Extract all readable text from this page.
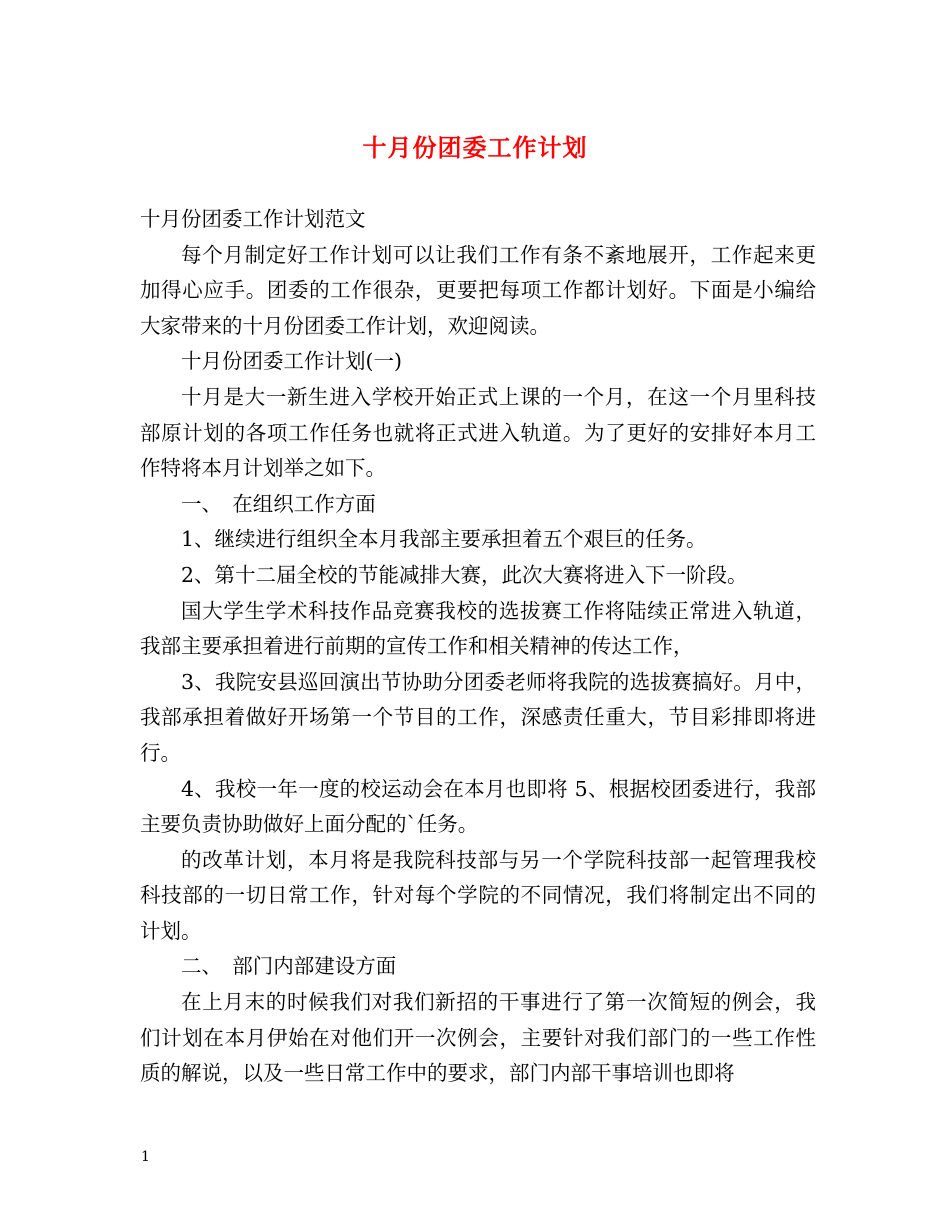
十月份团委工作计划

十月份团委工作计划范文

每个月制定好工作计划可以让我们工作有条不紊地展开，工作起来更加得心应手。团委的工作很杂，更要把每项工作都计划好。下面是小编给大家带来的十月份团委工作计划，欢迎阅读。

十月份团委工作计划(一)

十月是大一新生进入学校开始正式上课的一个月，在这一个月里科技部原计划的各项工作任务也就将正式进入轨道。为了更好的安排好本月工作特将本月计划举之如下。

一、　在组织工作方面

1、继续进行组织全本月我部主要承担着五个艰巨的任务。

2、第十二届全校的节能减排大赛，此次大赛将进入下一阶段。

国大学生学术科技作品竞赛我校的选拔赛工作将陆续正常进入轨道，我部主要承担着进行前期的宣传工作和相关精神的传达工作，

3、我院安县巡回演出节协助分团委老师将我院的选拔赛搞好。月中，我部承担着做好开场第一个节目的工作，深感责任重大，节目彩排即将进行。

4、我校一年一度的校运动会在本月也即将 5、根据校团委进行，我部主要负责协助做好上面分配的`任务。

的改革计划，本月将是我院科技部与另一个学院科技部一起管理我校科技部的一切日常工作，针对每个学院的不同情况，我们将制定出不同的计划。

二、　部门内部建设方面

在上月末的时候我们对我们新招的干事进行了第一次简短的例会，我们计划在本月伊始在对他们开一次例会，主要针对我们部门的一些工作性质的解说，以及一些日常工作中的要求，部门内部干事培训也即将

1
